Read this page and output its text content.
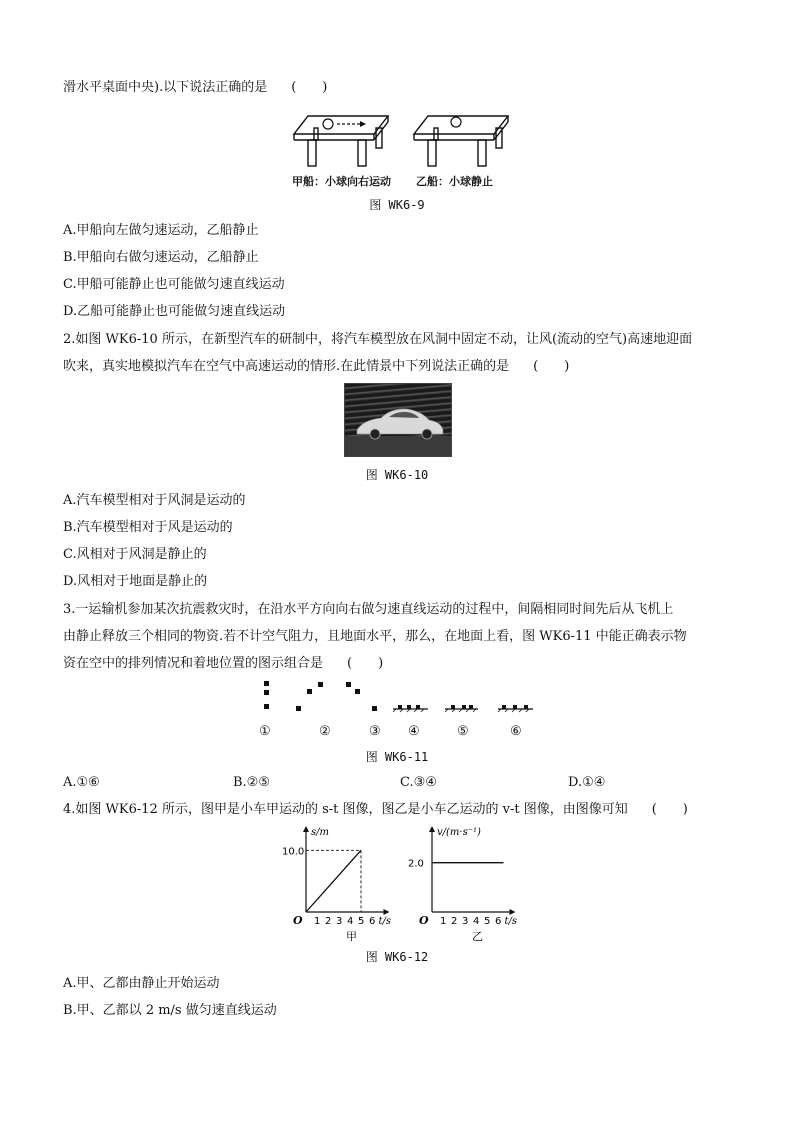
滑水平桌面中央).以下说法正确的是 (　　)
甲船：小球向右运动 乙船：小球静止
图 WK6-9
A.甲船向左做匀速运动，乙船静止
B.甲船向右做匀速运动，乙船静止
C.甲船可能静止也可能做匀速直线运动
D.乙船可能静止也可能做匀速直线运动
2.如图 WK6-10 所示，在新型汽车的研制中，将汽车模型放在风洞中固定不动，让风(流动的空气)高速地迎面
吹来，真实地模拟汽车在空气中高速运动的情形.在此情景中下列说法正确的是 (　　)
图 WK6-10
A.汽车模型相对于风洞是运动的
B.汽车模型相对于风是运动的
C.风相对于风洞是静止的
D.风相对于地面是静止的
3.一运输机参加某次抗震救灾时，在沿水平方向向右做匀速直线运动的过程中，间隔相同时间先后从飞机上
由静止释放三个相同的物资.若不计空气阻力，且地面水平，那么，在地面上看，图 WK6-11 中能正确表示物
资在空中的排列情况和着地位置的图示组合是 (　　)
①	②	③ ④	⑤	⑥
图 WK6-11
A.①⑥	B.②⑤	C.③④	D.①④
4.如图 WK6-12 所示，图甲是小车甲运动的 s-t 图像，图乙是小车乙运动的 v-t 图像，由图像可知 (　　)
s/m
O 1 2 3 4 5 6 t/s
甲
10.0
v/(m·s⁻¹)
O 1 2 3 4 5 6 t/s
乙
2.0
图 WK6-12
A.甲、乙都由静止开始运动
B.甲、乙都以 2 m/s 做匀速直线运动
